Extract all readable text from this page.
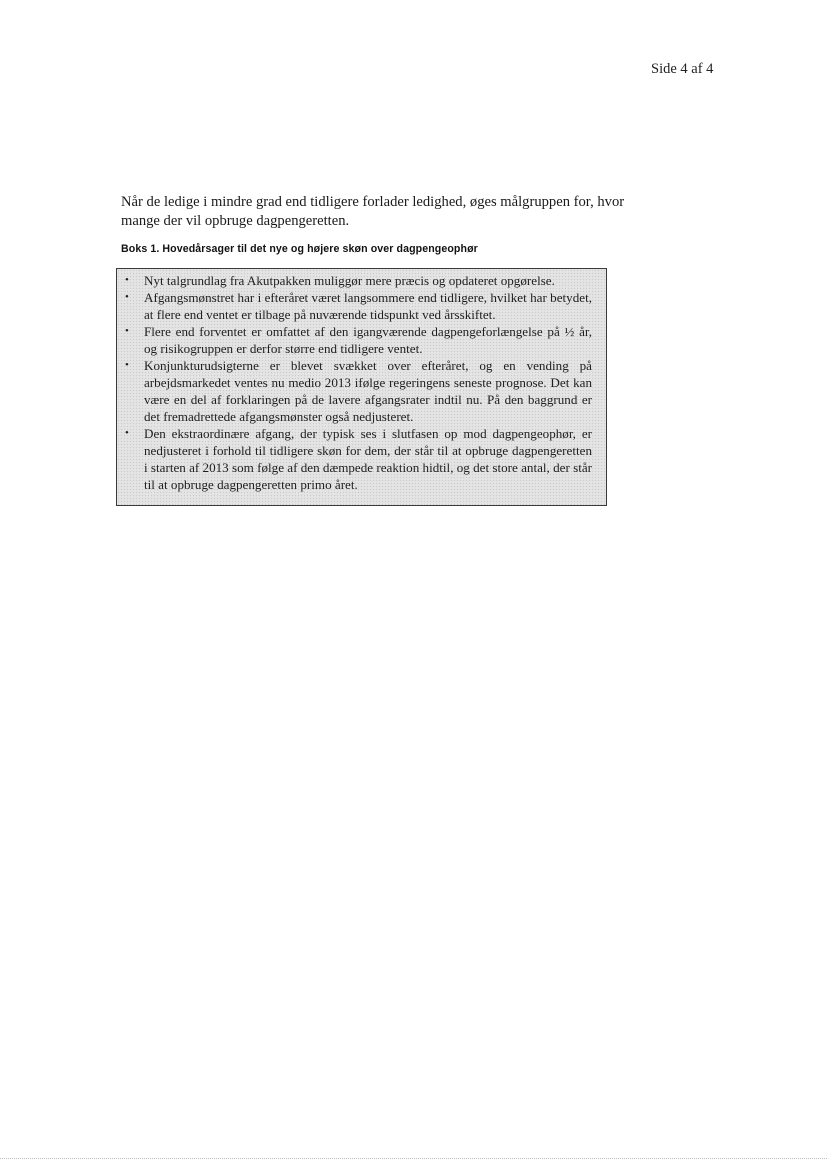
Side 4 af 4

Når de ledige i mindre grad end tidligere forlader ledighed, øges målgruppen for, hvor mange der vil opbruge dagpengeretten.

Boks 1. Hovedårsager til det nye og højere skøn over dagpengeophør
•	Nyt talgrundlag fra Akutpakken muliggør mere præcis og opdateret opgørelse.
•	Afgangsmønstret har i efteråret været langsommere end tidligere, hvilket har betydet, at flere end ventet er tilbage på nuværende tidspunkt ved årsskiftet.
•	Flere end forventet er omfattet af den igangværende dagpengeforlængelse på ½ år, og risikogruppen er derfor større end tidligere ventet.
•	Konjunkturudsigterne er blevet svækket over efteråret, og en vending på arbejdsmarkedet ventes nu medio 2013 ifølge regeringens seneste prognose. Det kan være en del af forklaringen på de lavere afgangsrater indtil nu. På den baggrund er det fremadrettede afgangsmønster også nedjusteret.
•	Den ekstraordinære afgang, der typisk ses i slutfasen op mod dagpengeophør, er nedjusteret i forhold til tidligere skøn for dem, der står til at opbruge dagpengeretten i starten af 2013 som følge af den dæmpede reaktion hidtil, og det store antal, der står til at opbruge dagpengeretten primo året.
